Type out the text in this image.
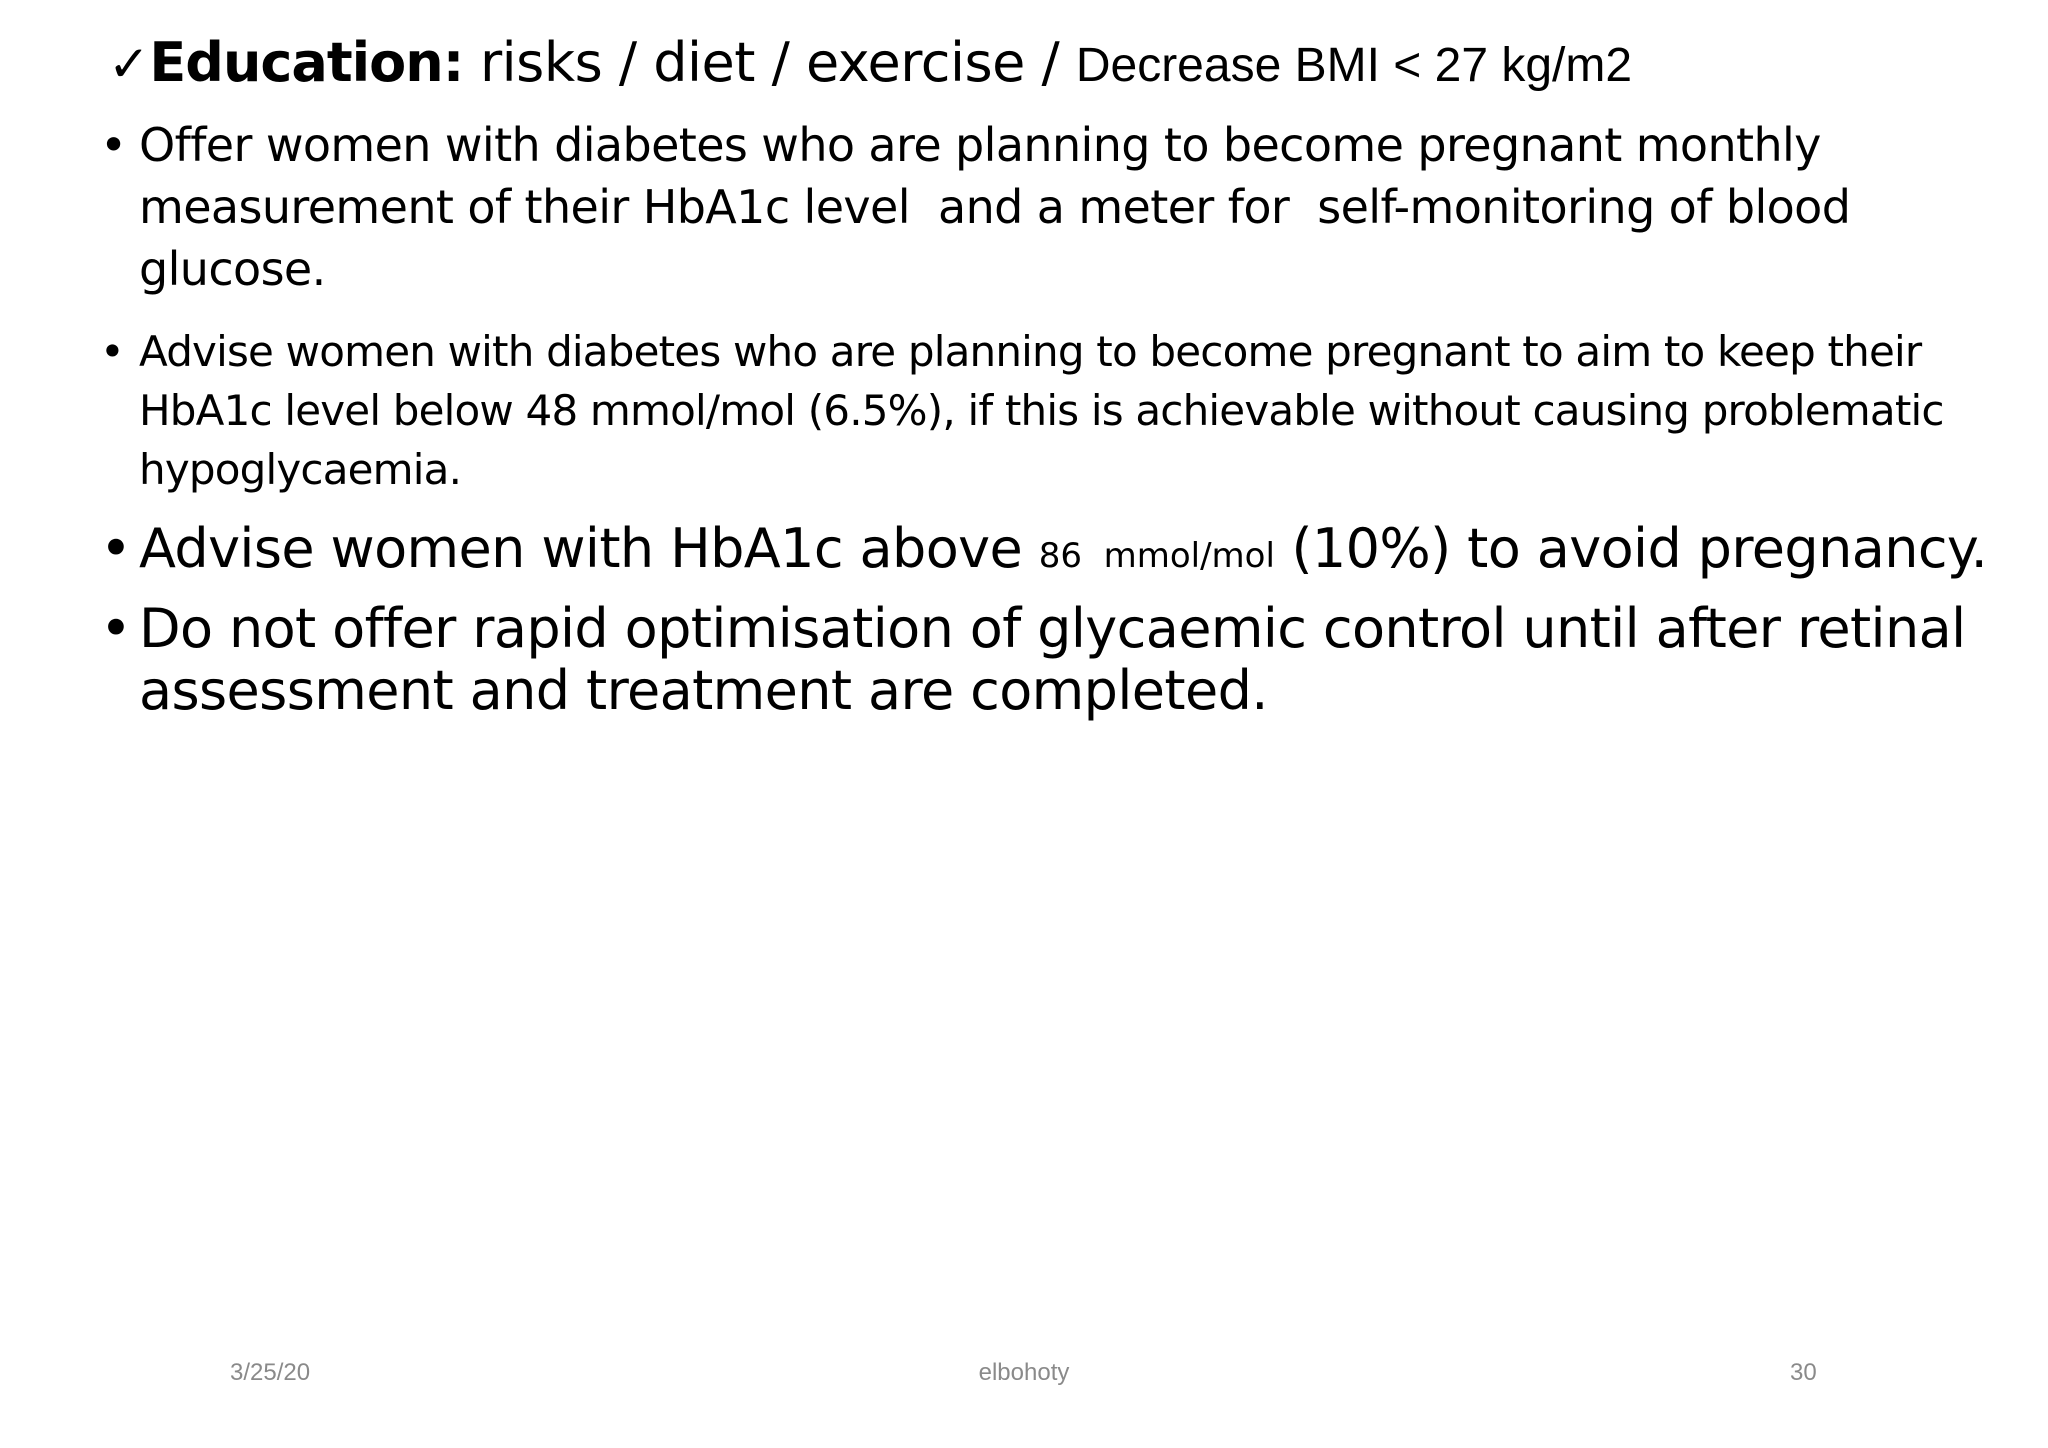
✓Education: risks / diet / exercise / Decrease BMI < 27 kg/m2
• Offer women with diabetes who are planning to become pregnant monthly measurement of their HbA1c level  and a meter for  self-monitoring of blood glucose.
• Advise women with diabetes who are planning to become pregnant to aim to keep their HbA1c level below 48 mmol/mol (6.5%), if this is achievable without causing problematic hypoglycaemia.
• Advise women with HbA1c above 86 mmol/mol (10%) to avoid pregnancy.
• Do not offer rapid optimisation of glycaemic control until after retinal assessment and treatment are completed.
3/25/20	elbohoty	30
